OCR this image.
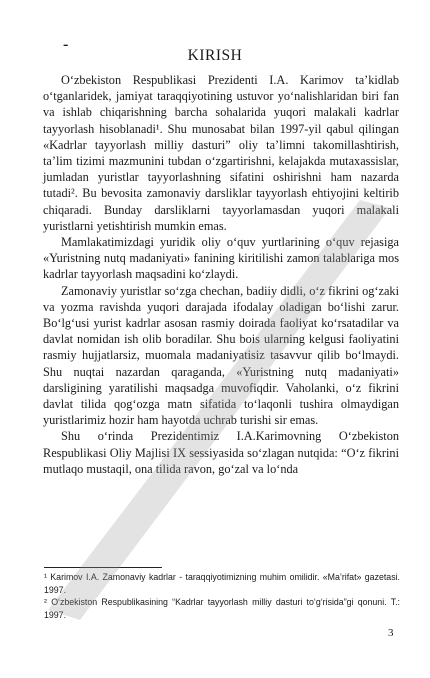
-
KIRISH

O‘zbekiston Respublikasi Prezidenti I.A. Karimov ta’kidlab o‘tganlaridek, jamiyat taraqqiyotining ustuvor yo‘nalishlaridan biri fan va ishlab chiqarishning barcha sohalarida yuqori malakali kadrlar tayyorlash hisoblanadi¹. Shu munosabat bilan 1997-yil qabul qilingan «Kadrlar tayyorlash milliy dasturi” oliy ta’limni takomillashtirish, ta’lim tizimi mazmunini tubdan o‘zgartirishni, kelajakda mutaxassislar, jumladan yuristlar tayyorlashning sifatini oshirishni ham nazarda tutadi². Bu bevosita zamonaviy darsliklar tayyorlash ehtiyojini keltirib chiqaradi. Bunday darsliklarni tayyorlamasdan yuqori malakali yuristlarni yetishtirish mumkin emas.

Mamlakatimizdagi yuridik oliy o‘quv yurtlarining o‘quv rejasiga «Yuristning nutq madaniyati» fanining kiritilishi zamon talablariga mos kadrlar tayyorlash maqsadini ko‘zlaydi.

Zamonaviy yuristlar so‘zga chechan, badiiy didli, o‘z fikrini og‘zaki va yozma ravishda yuqori darajada ifodalay oladigan bo‘lishi zarur. Bo‘lg‘usi yurist kadrlar asosan rasmiy doirada faoliyat ko‘rsatadilar va davlat nomidan ish olib boradilar. Shu bois ularning kelgusi faoliyatini rasmiy hujjatlarsiz, muomala madaniyatisiz tasavvur qilib bo‘lmaydi. Shu nuqtai nazardan qaraganda, «Yuristning nutq madaniyati» darsligining yaratilishi maqsadga muvofiqdir. Vaholanki, o‘z fikrini davlat tilida qog‘ozga matn sifatida to‘laqonli tushira olmaydigan yuristlarimiz hozir ham hayotda uchrab turishi sir emas.

Shu o‘rinda Prezidentimiz I.A.Karimovning O‘zbekiston Respublikasi Oliy Majlisi IX sessiyasida so‘zlagan nutqida: “O‘z fikrini mutlaqo mustaqil, ona tilida ravon, go‘zal va lo‘nda

¹ Karimov I.A. Zamonaviy kadrlar - taraqqiyotimizning muhim omilidir. «Ma’rifat» gazetasi. 1997.

² O‘zbekiston Respublikasining “Kadrlar tayyorlash milliy dasturi to‘g‘risida”gi qonuni. T.: 1997.

3
